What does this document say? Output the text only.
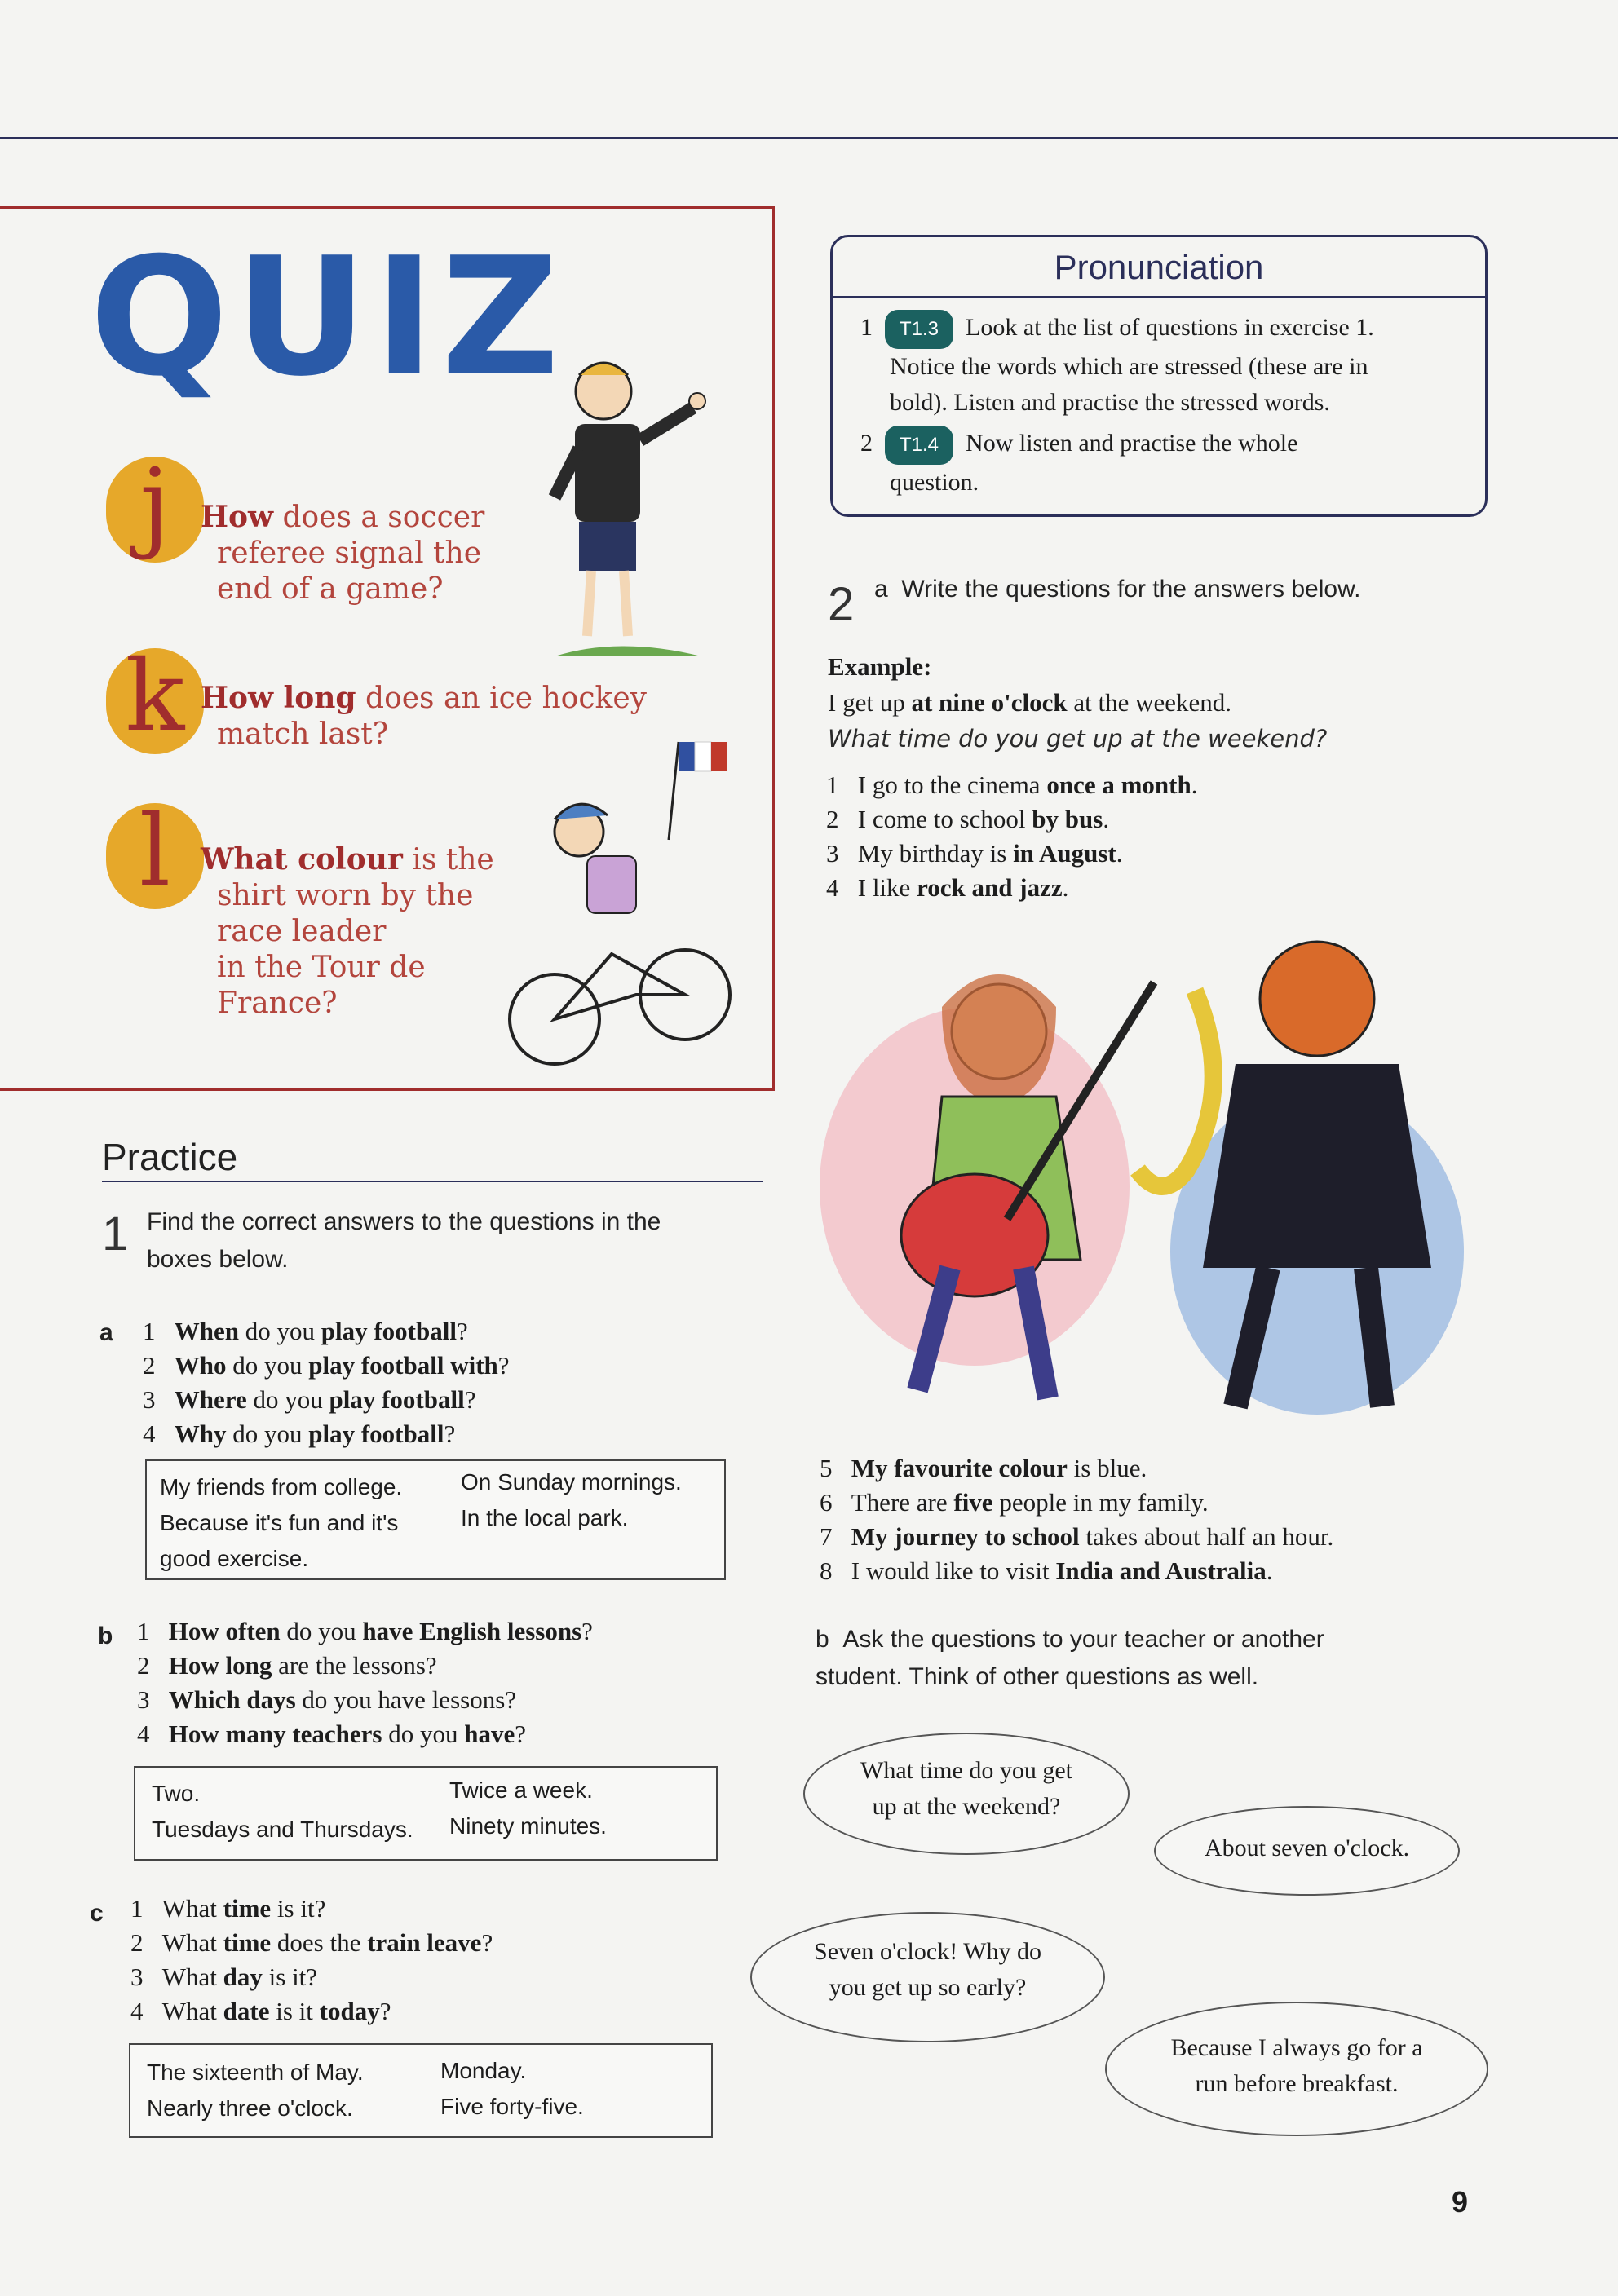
QUIZ
j	How does a soccer
referee signal the
end of a game?
k How long does an ice hockey
match last?
l	What colour is the
shirt worn by the
race leader
in the Tour de
France?
Pronunciation
1 T1.3 Look at the list of questions in exercise 1.
Notice the words which are stressed (these are in
bold). Listen and practise the stressed words.
2 T1.4 Now listen and practise the whole
question.
2 a Write the questions for the answers below.
Example:
I get up at nine o'clock at the weekend.
What time do you get up at the weekend?
1 I go to the cinema once a month.
2 I come to school by bus.
3 My birthday is in August.
4 I like rock and jazz.
5 My favourite colour is blue.
6 There are five people in my family.
7 My journey to school takes about half an hour.
8 I would like to visit India and Australia.
b Ask the questions to your teacher or another
student. Think of other questions as well.
What time do you get
up at the weekend?
About seven o'clock.
Seven o'clock! Why do
you get up so early?
Because I always go for a
run before breakfast.
Practice
1 Find the correct answers to the questions in the
boxes below.
a 1 When do you play football?
2 Who do you play football with?
3 Where do you play football?
4 Why do you play football?
My friends from college.
Because it's fun and it's
good exercise.
On Sunday mornings.
In the local park.
b 1 How often do you have English lessons?
2 How long are the lessons?
3 Which days do you have lessons?
4 How many teachers do you have?
Two.
Tuesdays and Thursdays.
Twice a week.
Ninety minutes.
c 1 What time is it?
2 What time does the train leave?
3 What day is it?
4 What date is it today?
The sixteenth of May.
Nearly three o'clock.
Monday.
Five forty-five.
9
